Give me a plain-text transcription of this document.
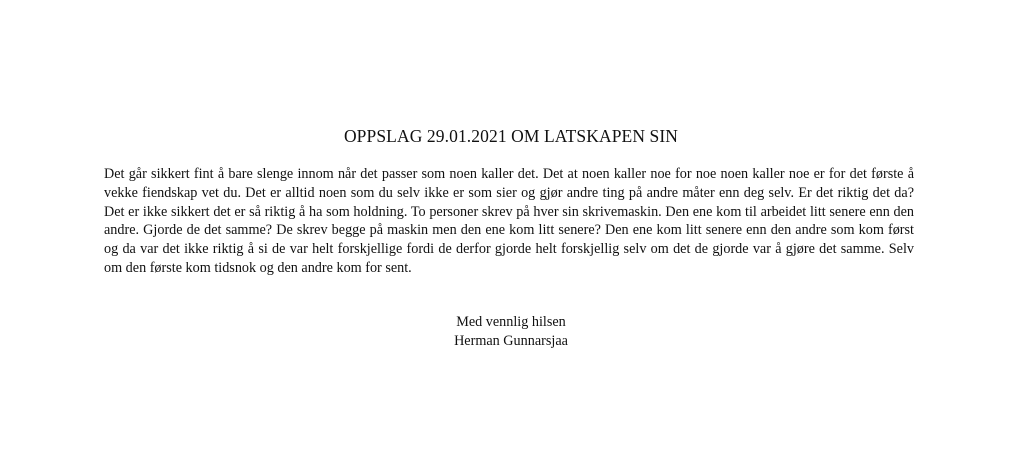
OPPSLAG 29.01.2021 OM LATSKAPEN SIN

Det går sikkert fint å bare slenge innom når det passer som noen kaller det. Det at noen kaller noe for noe noen kaller noe er for det første å vekke fiendskap vet du. Det er alltid noen som du selv ikke er som sier og gjør andre ting på andre måter enn deg selv. Er det riktig det da? Det er ikke sikkert det er så riktig å ha som holdning. To personer skrev på hver sin skrivemaskin. Den ene kom til arbeidet litt senere enn den andre. Gjorde de det samme? De skrev begge på maskin men den ene kom litt senere? Den ene kom litt senere enn den andre som kom først og da var det ikke riktig å si de var helt forskjellige fordi de derfor gjorde helt forskjellig selv om det de gjorde var å gjøre det samme. Selv om den første kom tidsnok og den andre kom for sent.

Med vennlig hilsen
Herman Gunnarsjaa
